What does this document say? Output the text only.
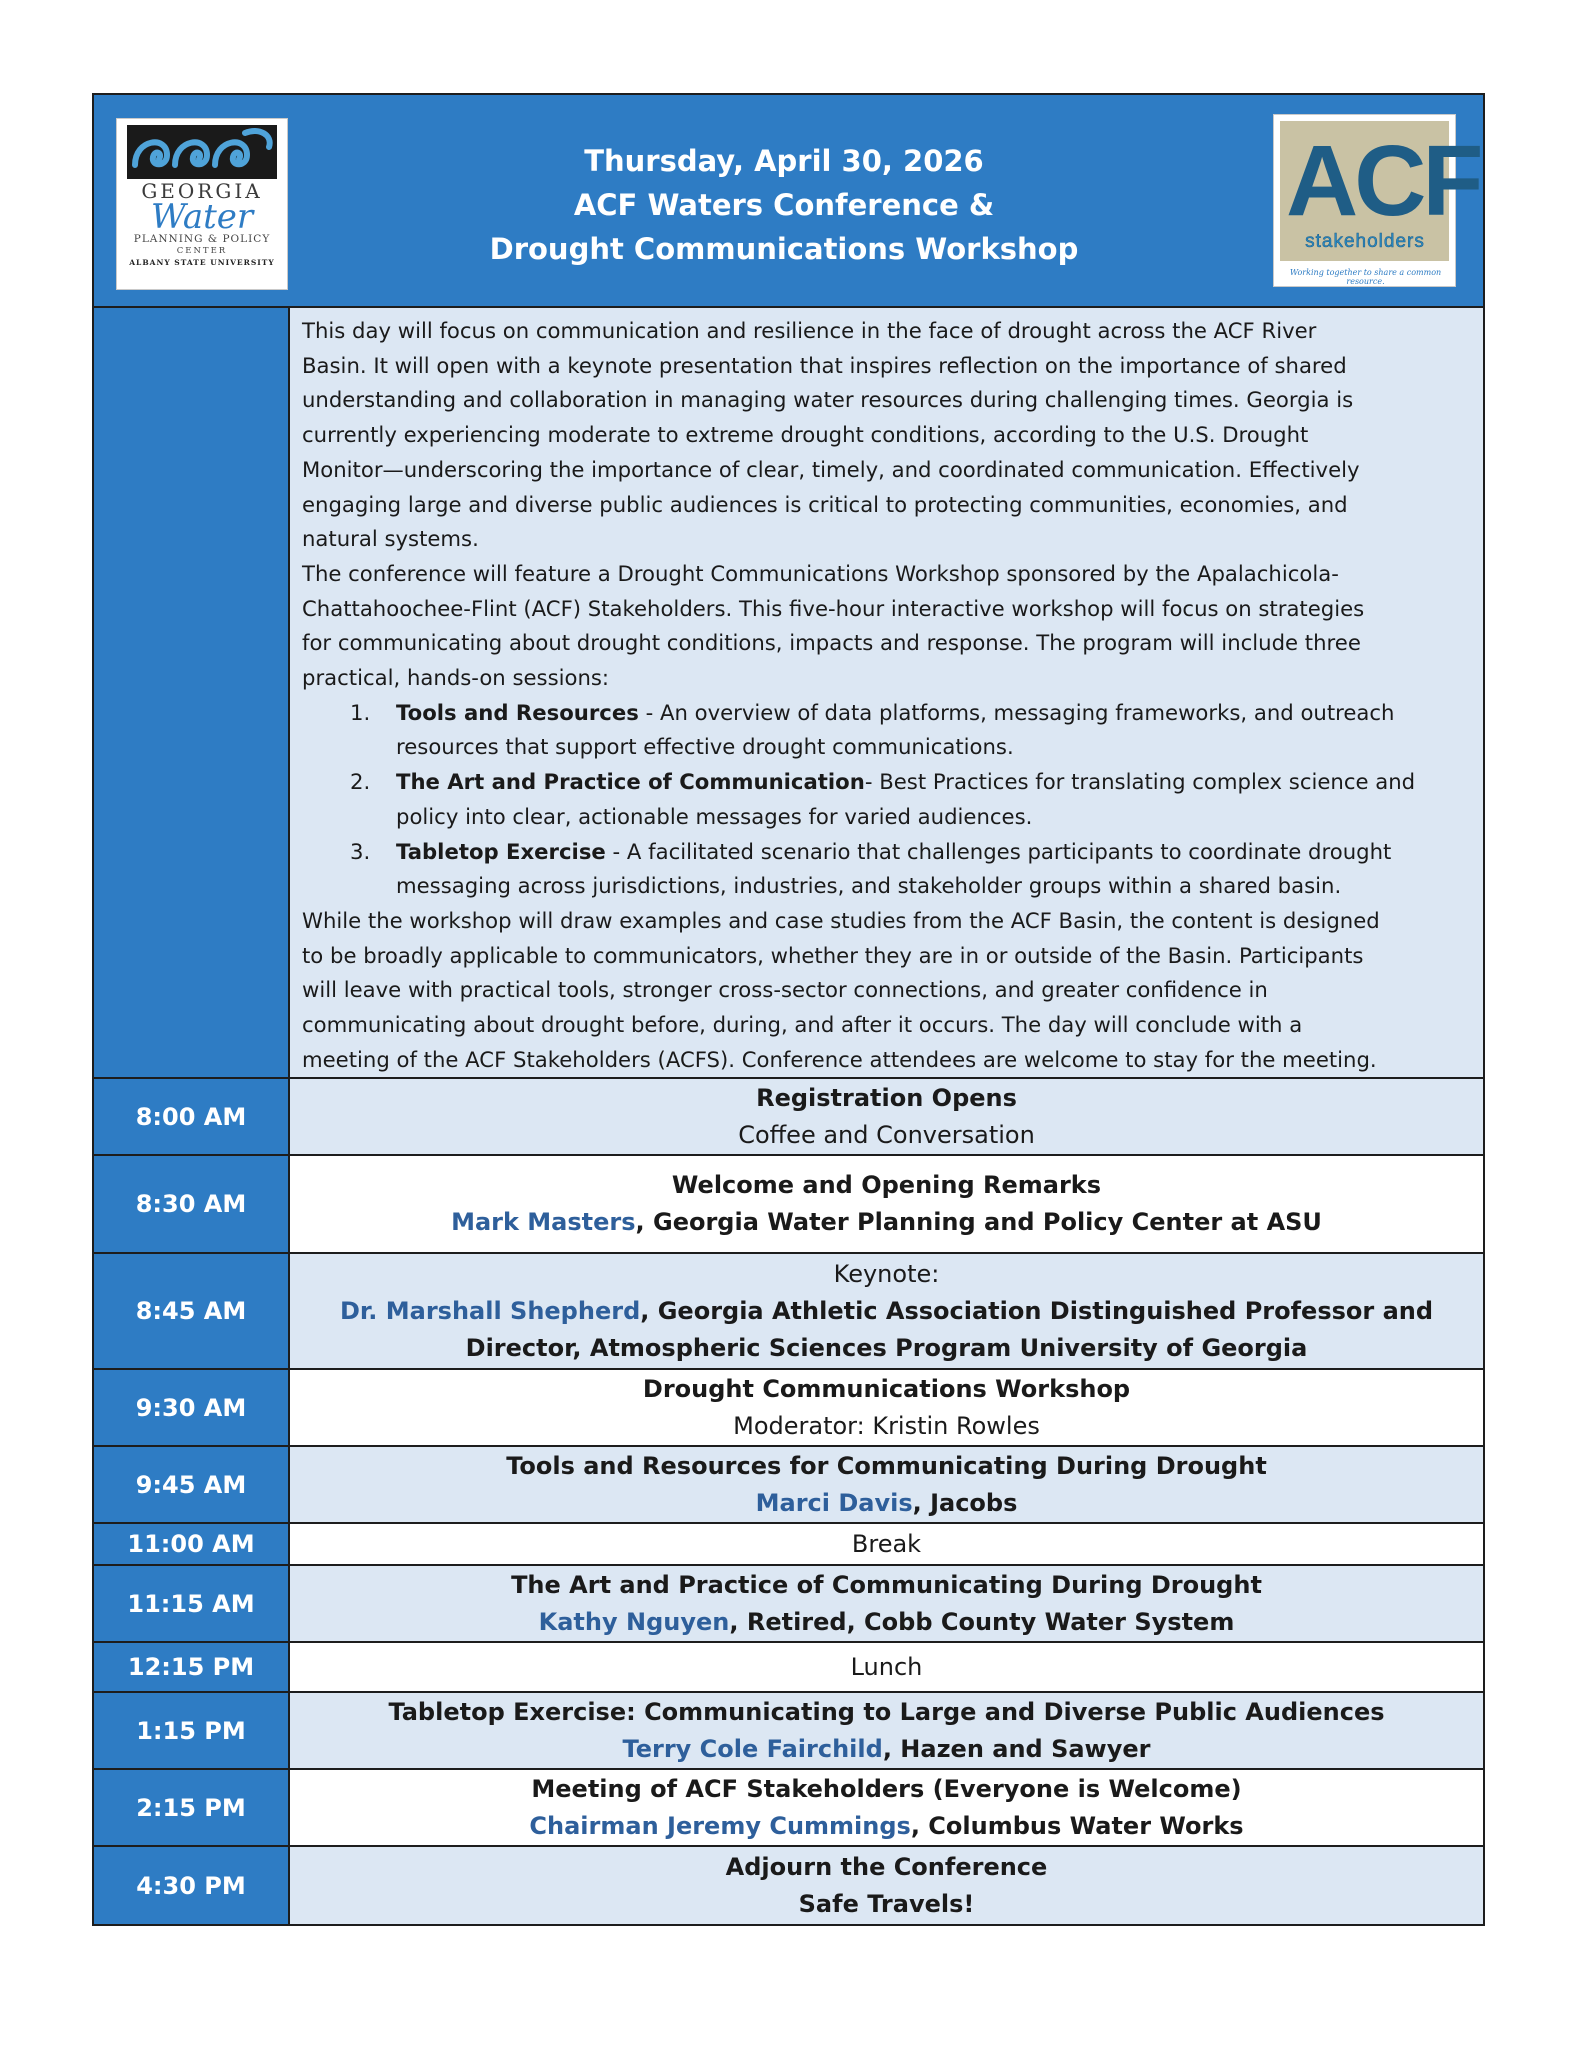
GEORGIA
Water
PLANNING & POLICY
CENTER
ALBANY STATE UNIVERSITY
Thursday, April 30, 2026
ACF Waters Conference &
Drought Communications Workshop
ACF
stakeholders
Working together to share a common resource.

This day will focus on communication and resilience in the face of drought across the ACF River
Basin. It will open with a keynote presentation that inspires reflection on the importance of shared
understanding and collaboration in managing water resources during challenging times. Georgia is
currently experiencing moderate to extreme drought conditions, according to the U.S. Drought
Monitor—underscoring the importance of clear, timely, and coordinated communication. Effectively
engaging large and diverse public audiences is critical to protecting communities, economies, and
natural systems.

The conference will feature a Drought Communications Workshop sponsored by the Apalachicola-
Chattahoochee-Flint (ACF) Stakeholders. This five-hour interactive workshop will focus on strategies
for communicating about drought conditions, impacts and response. The program will include three
practical, hands-on sessions:

1. Tools and Resources - An overview of data platforms, messaging frameworks, and outreach
resources that support effective drought communications.
2. The Art and Practice of Communication- Best Practices for translating complex science and
policy into clear, actionable messages for varied audiences.
3. Tabletop Exercise - A facilitated scenario that challenges participants to coordinate drought
messaging across jurisdictions, industries, and stakeholder groups within a shared basin.

While the workshop will draw examples and case studies from the ACF Basin, the content is designed
to be broadly applicable to communicators, whether they are in or outside of the Basin. Participants
will leave with practical tools, stronger cross-sector connections, and greater confidence in
communicating about drought before, during, and after it occurs. The day will conclude with a
meeting of the ACF Stakeholders (ACFS). Conference attendees are welcome to stay for the meeting.

8:00 AM
Registration Opens
Coffee and Conversation
8:30 AM
Welcome and Opening Remarks
Mark Masters, Georgia Water Planning and Policy Center at ASU
8:45 AM
Keynote:
Dr. Marshall Shepherd, Georgia Athletic Association Distinguished Professor and
Director, Atmospheric Sciences Program University of Georgia
9:30 AM
Drought Communications Workshop
Moderator: Kristin Rowles
9:45 AM
Tools and Resources for Communicating During Drought
Marci Davis, Jacobs
11:00 AM	Break
11:15 AM
The Art and Practice of Communicating During Drought
Kathy Nguyen, Retired, Cobb County Water System
12:15 PM	Lunch
1:15 PM
Tabletop Exercise: Communicating to Large and Diverse Public Audiences
Terry Cole Fairchild, Hazen and Sawyer
2:15 PM
Meeting of ACF Stakeholders (Everyone is Welcome)
Chairman Jeremy Cummings, Columbus Water Works
4:30 PM
Adjourn the Conference
Safe Travels!
